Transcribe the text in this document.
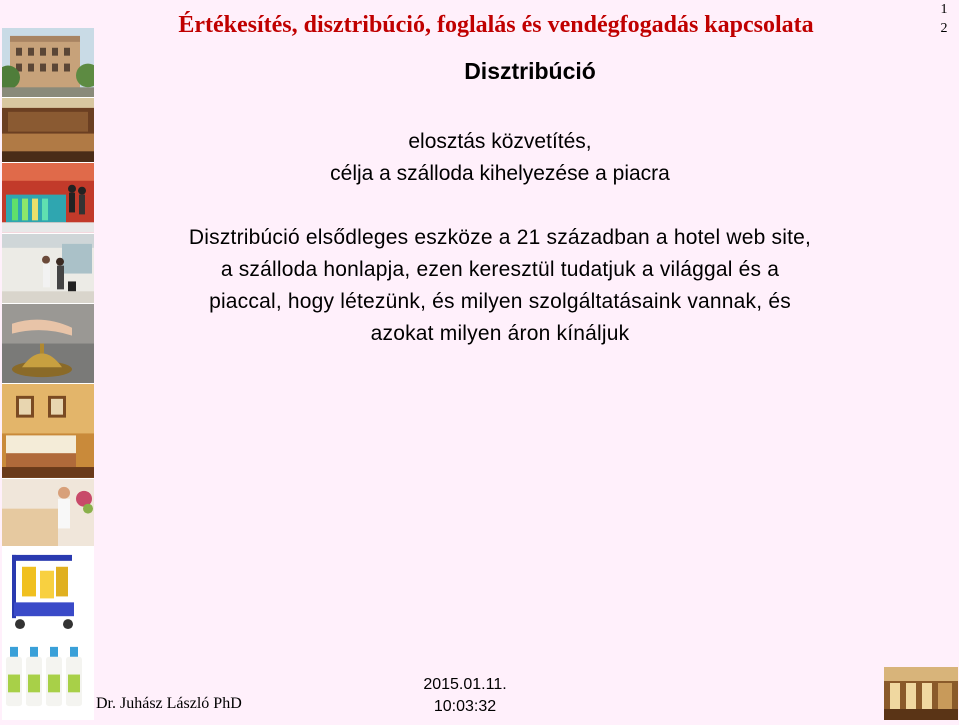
Értékesítés, disztribúció, foglalás és vendégfogadás kapcsolata
1
2
Disztribúció
elosztás közvetítés,
célja a szálloda kihelyezése a piacra
Disztribúció elsődleges eszköze a 21 században a hotel web site,
a szálloda honlapja, ezen keresztül tudatjuk a világgal és a
piaccal, hogy létezünk, és milyen szolgáltatásaink vannak, és
azokat milyen áron kínáljuk
Dr. Juhász László PhD
2015.01.11.
10:03:32
